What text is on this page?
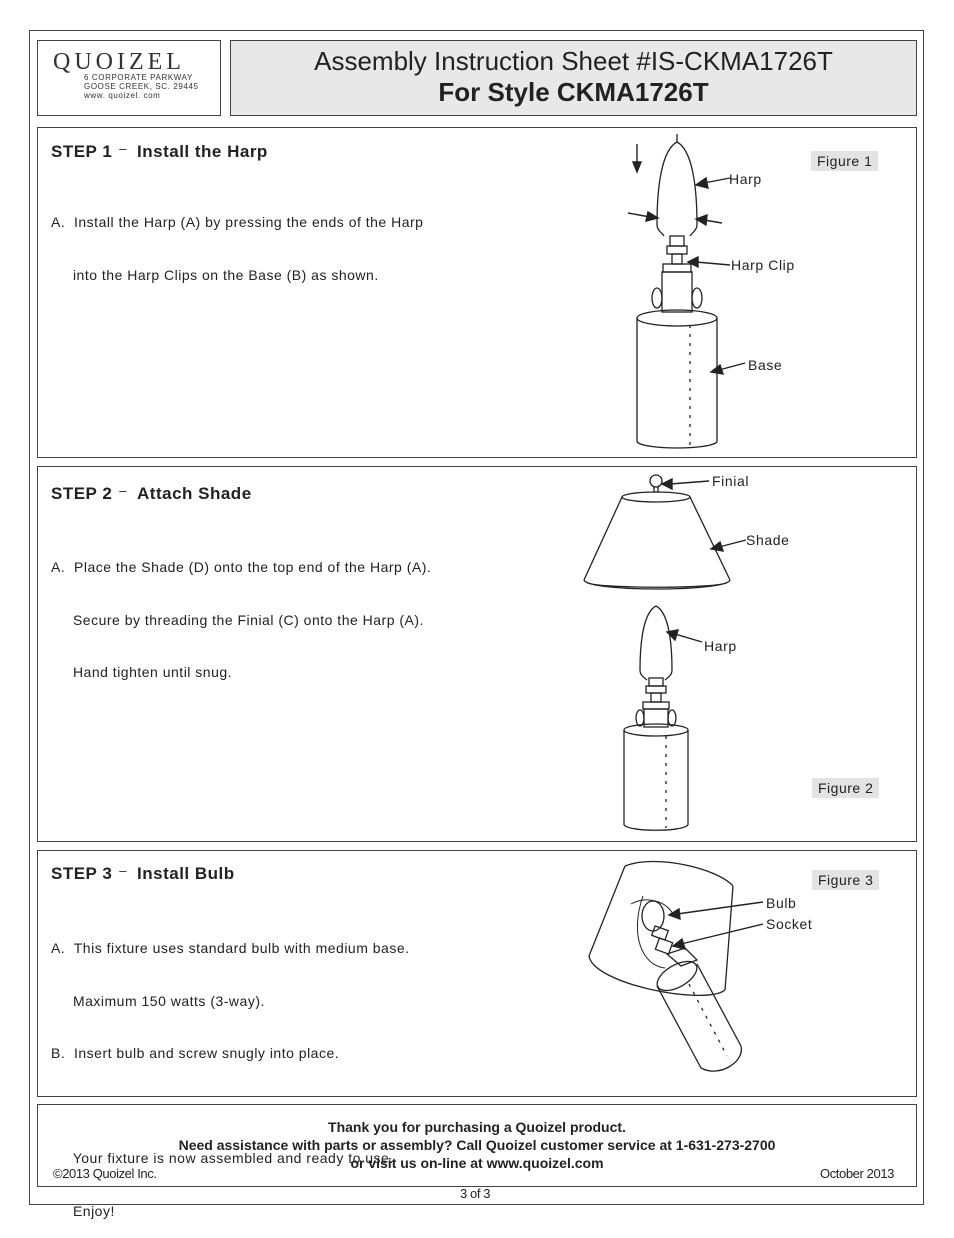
QUOIZEL
6 CORPORATE PARKWAY
GOOSE CREEK, SC. 29445
www. quoizel. com
Assembly Instruction Sheet #IS-CKMA1726T
For Style CKMA1726T
STEP 1 – Install the Harp

A.  Install the Harp (A) by pressing the ends of the Harp

into the Harp Clips on the Base (B) as shown.

Figure 1
Harp
Harp Clip
Base
STEP 2 – Attach Shade

A.  Place the Shade (D) onto the top end of the Harp (A).

Secure by threading the Finial (C) onto the Harp (A).

Hand tighten until snug.

Figure 2
Finial
Shade
Harp
STEP 3 – Install Bulb

A.  This fixture uses standard bulb with medium base.

Maximum 150 watts (3-way).

B.  Insert bulb and screw snugly into place.

Your fixture is now assembled and ready to use.

Enjoy!

Figure 3
Bulb
Socket
Thank you for purchasing a Quoizel product.
Need assistance with parts or assembly? Call Quoizel customer service at 1-631-273-2700
or visit us on-line at www.quoizel.com
©2013 Quoizel Inc.	October 2013
3 of 3
